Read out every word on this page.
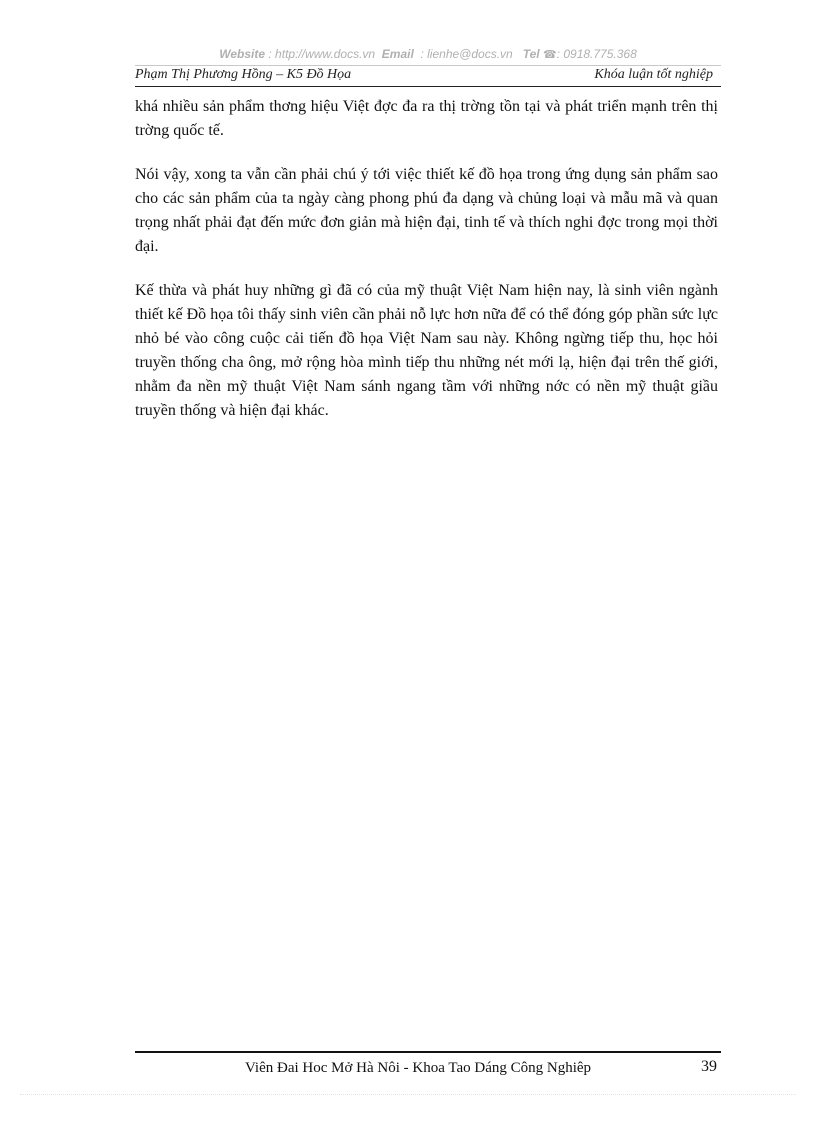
Website : http://www.docs.vn Email : lienhe@docs.vn Tel ☎: 0918.775.368
Phạm Thị Phương Hồng – K5 Đồ Họa	Khóa luận tốt nghiệp

khá nhiều sản phẩm thơng hiệu Việt đợc đa ra thị trờng tồn tại và phát triển mạnh trên thị trờng quốc tế.

Nói vậy, xong ta vẫn cần phải chú ý tới việc thiết kế đồ họa trong ứng dụng sản phẩm sao cho các sản phẩm của ta ngày càng phong phú đa dạng và chủng loại và mẫu mã và quan trọng nhất phải đạt đến mức đơn giản mà hiện đại, tinh tế và thích nghi đợc trong mọi thời đại.

Kế thừa và phát huy những gì đã có của mỹ thuật Việt Nam hiện nay, là sinh viên ngành thiết kế Đồ họa tôi thấy sinh viên cần phải nỗ lực hơn nữa để có thể đóng góp phần sức lực nhỏ bé vào công cuộc cải tiến đồ họa Việt Nam sau này. Không ngừng tiếp thu, học hỏi truyền thống cha ông, mở rộng hòa mình tiếp thu những nét mới lạ, hiện đại trên thế giới, nhằm đa nền mỹ thuật Việt Nam sánh ngang tầm với những nớc có nền mỹ thuật giầu truyền thống và hiện đại khác.

Viên Đai Hoc Mở Hà Nôi - Khoa Tao Dáng Công Nghiêp	39
